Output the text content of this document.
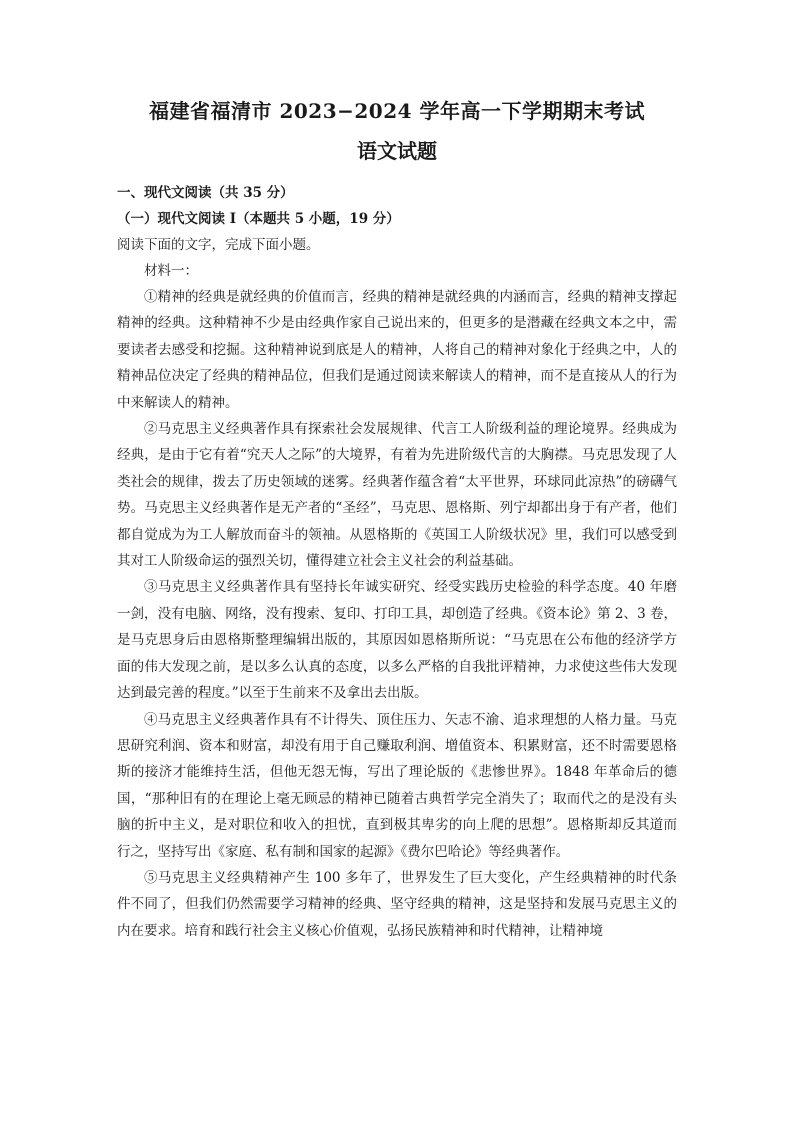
福建省福清市 2023−2024 学年高一下学期期末考试
语文试题

一、现代文阅读（共 35 分）

（一）现代文阅读 I（本题共 5 小题，19 分）

阅读下面的文字，完成下面小题。

材料一：

①精神的经典是就经典的价值而言，经典的精神是就经典的内涵而言，经典的精神支撑起精神的经典。这种精神不少是由经典作家自己说出来的，但更多的是潜藏在经典文本之中，需要读者去感受和挖掘。这种精神说到底是人的精神，人将自己的精神对象化于经典之中，人的精神品位决定了经典的精神品位，但我们是通过阅读来解读人的精神，而不是直接从人的行为中来解读人的精神。

②马克思主义经典著作具有探索社会发展规律、代言工人阶级利益的理论境界。经典成为经典，是由于它有着“究天人之际”的大境界，有着为先进阶级代言的大胸襟。马克思发现了人类社会的规律，拨去了历史领域的迷雾。经典著作蕴含着“太平世界，环球同此凉热”的磅礴气势。马克思主义经典著作是无产者的“圣经”，马克思、恩格斯、列宁却都出身于有产者，他们都自觉成为为工人解放而奋斗的领袖。从恩格斯的《英国工人阶级状况》里，我们可以感受到其对工人阶级命运的强烈关切，懂得建立社会主义社会的利益基础。

③马克思主义经典著作具有坚持长年诚实研究、经受实践历史检验的科学态度。40 年磨一剑，没有电脑、网络，没有搜索、复印、打印工具，却创造了经典。《资本论》第 2、3 卷，是马克思身后由恩格斯整理编辑出版的，其原因如恩格斯所说：“马克思在公布他的经济学方面的伟大发现之前，是以多么认真的态度，以多么严格的自我批评精神，力求使这些伟大发现达到最完善的程度。”以至于生前来不及拿出去出版。

④马克思主义经典著作具有不计得失、顶住压力、矢志不渝、追求理想的人格力量。马克思研究利润、资本和财富，却没有用于自己赚取利润、增值资本、积累财富，还不时需要恩格斯的接济才能维持生活，但他无怨无悔，写出了理论版的《悲惨世界》。1848 年革命后的德国，“那种旧有的在理论上毫无顾忌的精神已随着古典哲学完全消失了；取而代之的是没有头脑的折中主义，是对职位和收入的担忧，直到极其卑劣的向上爬的思想”。恩格斯却反其道而行之，坚持写出《家庭、私有制和国家的起源》《费尔巴哈论》等经典著作。

⑤马克思主义经典精神产生 100 多年了，世界发生了巨大变化，产生经典精神的时代条件不同了，但我们仍然需要学习精神的经典、坚守经典的精神，这是坚持和发展马克思主义的内在要求。培育和践行社会主义核心价值观，弘扬民族精神和时代精神，让精神境
